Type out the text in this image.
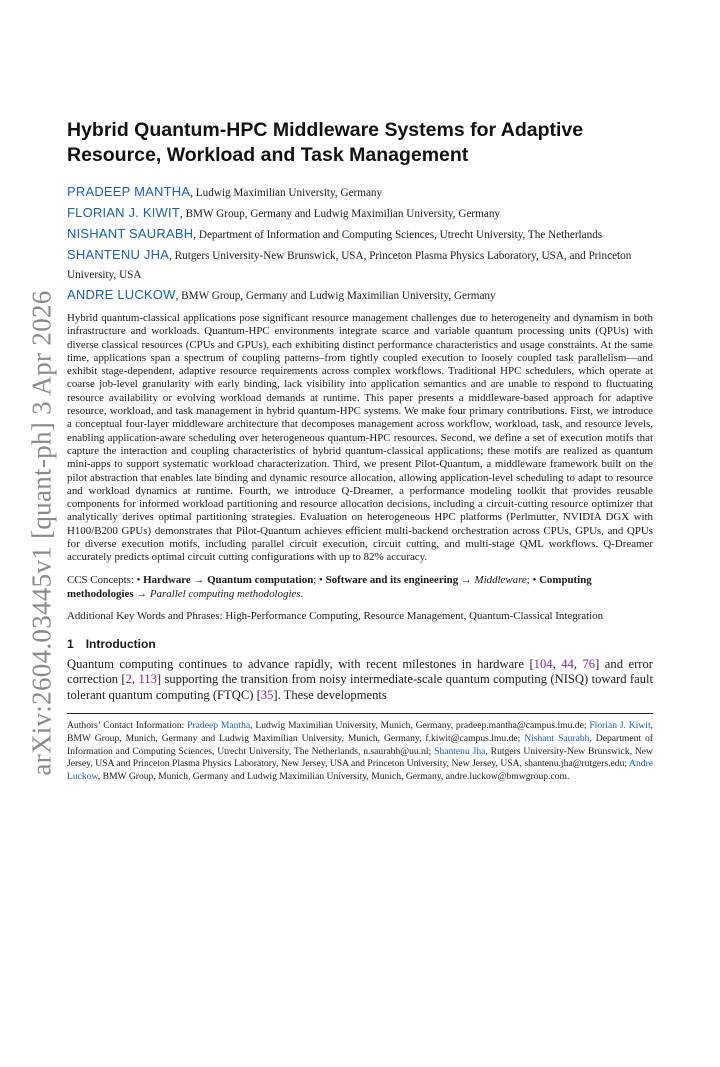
arXiv:2604.03445v1 [quant-ph] 3 Apr 2026
Hybrid Quantum-HPC Middleware Systems for Adaptive Resource, Workload and Task Management

PRADEEP MANTHA, Ludwig Maximilian University, Germany

FLORIAN J. KIWIT, BMW Group, Germany and Ludwig Maximilian University, Germany

NISHANT SAURABH, Department of Information and Computing Sciences, Utrecht University, The Netherlands

SHANTENU JHA, Rutgers University-New Brunswick, USA, Princeton Plasma Physics Laboratory, USA, and Princeton University, USA

ANDRE LUCKOW, BMW Group, Germany and Ludwig Maximilian University, Germany

Hybrid quantum-classical applications pose significant resource management challenges due to heterogeneity and dynamism in both infrastructure and workloads. Quantum-HPC environments integrate scarce and variable quantum processing units (QPUs) with diverse classical resources (CPUs and GPUs), each exhibiting distinct performance characteristics and usage constraints. At the same time, applications span a spectrum of coupling patterns–from tightly coupled execution to loosely coupled task parallelism—and exhibit stage-dependent, adaptive resource requirements across complex workflows. Traditional HPC schedulers, which operate at coarse job-level granularity with early binding, lack visibility into application semantics and are unable to respond to fluctuating resource availability or evolving workload demands at runtime. This paper presents a middleware-based approach for adaptive resource, workload, and task management in hybrid quantum-HPC systems. We make four primary contributions. First, we introduce a conceptual four-layer middleware architecture that decomposes management across workflow, workload, task, and resource levels, enabling application-aware scheduling over heterogeneous quantum-HPC resources. Second, we define a set of execution motifs that capture the interaction and coupling characteristics of hybrid quantum-classical applications; these motifs are realized as quantum mini-apps to support systematic workload characterization. Third, we present Pilot-Quantum, a middleware framework built on the pilot abstraction that enables late binding and dynamic resource allocation, allowing application-level scheduling to adapt to resource and workload dynamics at runtime. Fourth, we introduce Q-Dreamer, a performance modeling toolkit that provides reusable components for informed workload partitioning and resource allocation decisions, including a circuit-cutting resource optimizer that analytically derives optimal partitioning strategies. Evaluation on heterogeneous HPC platforms (Perlmutter, NVIDIA DGX with H100/B200 GPUs) demonstrates that Pilot-Quantum achieves efficient multi-backend orchestration across CPUs, GPUs, and QPUs for diverse execution motifs, including parallel circuit execution, circuit cutting, and multi-stage QML workflows. Q-Dreamer accurately predicts optimal circuit cutting configurations with up to 82% accuracy.

CCS Concepts: • Hardware → Quantum computation; • Software and its engineering → Middleware; • Computing methodologies → Parallel computing methodologies.

Additional Key Words and Phrases: High-Performance Computing, Resource Management, Quantum-Classical Integration

1 Introduction

Quantum computing continues to advance rapidly, with recent milestones in hardware [104, 44, 76] and error correction [2, 113] supporting the transition from noisy intermediate-scale quantum computing (NISQ) toward fault tolerant quantum computing (FTQC) [35]. These developments

Authors’ Contact Information: Pradeep Mantha, Ludwig Maximilian University, Munich, Germany, pradeep.mantha@campus.lmu.de; Florian J. Kiwit, BMW Group, Munich, Germany and Ludwig Maximilian University, Munich, Germany, f.kiwit@campus.lmu.de; Nishant Saurabh, Department of Information and Computing Sciences, Utrecht University, The Netherlands, n.saurabh@uu.nl; Shantenu Jha, Rutgers University-New Brunswick, New Jersey, USA and Princeton Plasma Physics Laboratory, New Jersey, USA and Princeton University, New Jersey, USA, shantenu.jha@rutgers.edu; Andre Luckow, BMW Group, Munich, Germany and Ludwig Maximilian University, Munich, Germany, andre.luckow@bmwgroup.com.
